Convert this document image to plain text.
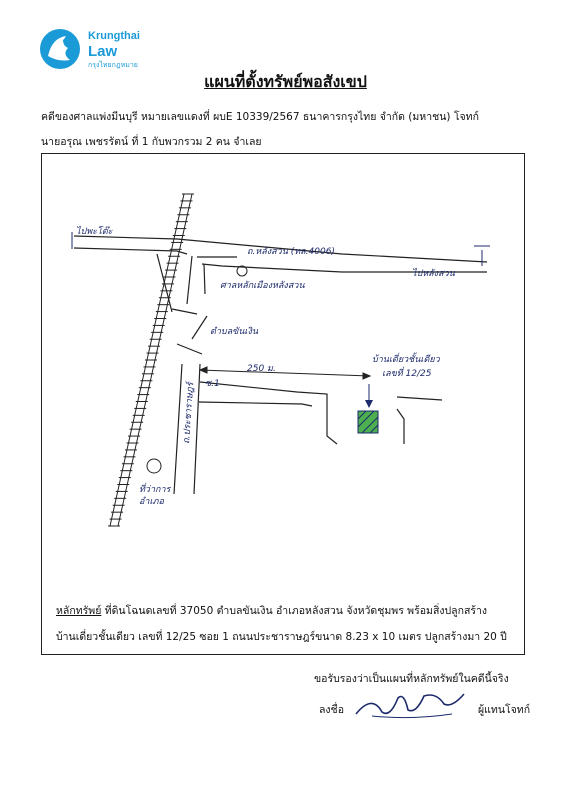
Krungthai
Law
กรุงไทยกฎหมาย
แผนที่ตั้งทรัพย์พอสังเขป
คดีของศาลแพ่งมีนบุรี หมายเลขแดงที่ ผบE 10339/2567 ธนาคารกรุงไทย จำกัด (มหาชน) โจทก์
นายอรุณ เพชรรัตน์ ที่ 1 กับพวกรวม 2 คน จำเลย
ไปพะโต๊ะ
ถ.หลังสวน (ทล.4006)
ไปหลังสวน
ศาลหลักเมืองหลังสวน
ตำบลขันเงิน
250 ม.
ซ.1
ถ.ประชาราษฎร์
บ้านเดี่ยวชั้นเดียว
เลขที่ 12/25
ที่ว่าการ
อำเภอ
หลักทรัพย์ ที่ดินโฉนดเลขที่ 37050 ตำบลขันเงิน อำเภอหลังสวน จังหวัดชุมพร พร้อมสิ่งปลูกสร้าง
บ้านเดี่ยวชั้นเดียว เลขที่ 12/25 ซอย 1 ถนนประชาราษฎร์ขนาด 8.23 x 10 เมตร ปลูกสร้างมา 20 ปี
ขอรับรองว่าเป็นแผนที่หลักทรัพย์ในคดีนี้จริง
ลงชื่อ	ผู้แทนโจทก์
